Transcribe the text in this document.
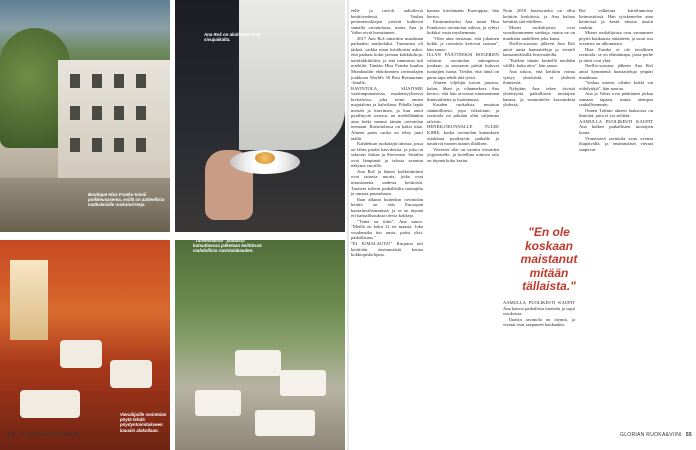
Boutique Hisa Franko toimii poikkeusasema, esillä on aatteellisia matkalaisille ruokaturisteja.
Ana Roš on aloittanut aivot sivupaikalta.
Vierailijoille ravintolan pöytä tehdä pöydyntoimitukseen kausiin alakollaan.
"Tulvanvaaran" paluusta kutsuttaessa jatketaan keittiössä mahdollista ravintolakauden.

eelle ja ravioli aaltoilevat keittiövedessä. Vauhat perinneruokiajen ystävät kulkevat samalla ravintolassa, mutta Ana ja Valter eivät huvuttaneet.

2017 Ana Roš nimettiin maailman parhaaksi naiskokiksi. Tunnustus oli tärkeä, vaikka moni kriitikoista uskoi, että parhaat kokit jaetaan kokkikiltoja, naiskokkikiltiin, ja että tunnustus tuli miehiltä. Tänään Hisa Franko kuuluu Mondiaaliin ehdottomien ravintolajen joukkoon World's 50 Best Restaurants -listalle.

RAVINTOLA SIJAITSEE vaaleanpunaisessa, maalaistyylisessä kivitalossa, joka toimi ennen majatalona ja kahvilana. Pihalla lepää metsää ja kasvimaa, ja kun autot pysähtyvät sivussa, on mielelläänkin aina hetki mennä tämän ravintolan teemaan. Ravintolassa on kaksi tilaa. Alueen paras ruoka on tehty juuri täällä.

Kahdeksan ruokalajin tiinissa, jossa on lähes puolet kasviksista, ja joka on sekoitus Italiaa ja Sloveniaa. Sisätilat ovat lämpimät ja talosta avautuu näkymä vuorille.

Ana Roš ja hänen kokkitiiminsä ovat taitavia nuoria, jotka ovat innostuneita uudesta keittiöstä. Tuotteet tulevat paikallisilta tuottajilta ja omasta puutarhasta.

Ihan alkuun kuitenkin ravintolan keittiö on eräs Euroopan kansainvälisimmistä, ja se on täynnä eri kansallisuuksia olevia kokkeja.

"Tämä on tiimi", Ana sanoo. "Meillä on kokit 21 eri maasta. Joka vuodenaika tuo uusia, paitsi yksi: paikallisuus."

"EI JUMALAUTA!" Kurjaton tuli keittiöön ensimmäistä kertaa kokkiopiskelijana.

kansaa kiertämään Eurooppaa, hän kertoo.

Ensimmäiseksi Ana toimi Hisa Frankossa ravintolan salissa, ja ryhtyi kokiksi vasta myöhemmin.

"Olen aina toistanut, että jokainen kokki ja ravintola kertovat tarinan", hän sanoo.

ILLAN PÄÄTTEEKSI ROGERISN valtavat ravintolan salongeissa juodaan, ja seuraavat päivät kuluvat tuottajien luona. Tiedän, että tämä on paras tapa tehdä tätä työtä.

Alueen viljelijät tuovat juuston, kalan, lihan ja vihannekset. Ana kertoo, että hän arvostaa nimenomaan ihmissuhteita ja luottamusta.

Kauden ruokalista muuttuu säännöllisesti, jopa viikoittain, ja ravintola on pitkään ollut suljettuna talvisin.

HENKILÖKUNNALLE TULEE KIIRE, koska ravintolan kattauksen asiakkaat pysähtyvät paikalle ja nauttivat monen tunnin illallisen.

Viereiset tilat on varattu vieraiden yöpymiselle, ja hotellina toimiva talo on täynnä koko kesän.

Noin 2018 kasvisruoka on ollut keittiön keskiössä, ja Ana haluaa kehittää sitä edelleen.

Monet ruokalijoista ovat vuosikymmenen vanhoja, mutta ne on muokattu uudelleen joka kausi.

Netflix-suosion jälkeen Ana Roš antoi uusia haastatteluja ja vieraili kansainvälisillä festivaaleilla.

"Kaiken tämän keskellä unohdin välillä, kuka olen", hän sanoo.

Ana uskoo, että keittiön voima syntyy yhteisöstä, ei yhdestä ihmisestä.

Nykyään Ana tekee tiivistä yhteistyötä paikallisten tuottajien kanssa, ja suunnittelee kasvatuksia yhdessä.

"En ole koskaan maistanut mitään tällaista."

AAMULLA PUOLIKESTI KAUPIT Ana katsoo paikallisia tuotteita ja sopii ostoksista.

Iltaisin ravintola on täynnä, ja vieraat ovat saapuneet kaukaakin.

Boi valkeitua kärtölinnoista lietimistöissä. Hän työskentelee aina keittiössä ja kerää ideoita uusiin ruokiin.

Monet ruokalijoista ovat varaanneet pöytiä kuukausia etukäteen, ja suuri osa vieraista on ulkomaisia.

Hisa Franko ei ole tavallinen ravintola: se on elämäntapa, jossa perhe ja tiimi ovat yhtä.

Netflix-suosion jälkeen Ana Roš antoi kymmeniä haastatteluja ympäri maailmaa.

"Joskus mietin, olenko kokki vai viihdyttäjä", hän nauraa.

Ana ja Valter ovat päättäneet jatkaa samaan tapaan, mutta aiempaa rauhallisemmin.

Onnen Tolmin alueen laaksossa on ilmiöitä, joita ei voi selittää.

AAMULLA PUOLIKESTI KAUPIT Ana kulkee paikallisten tuottajien luona.

Viimeisenä ravintola avaa ovensa iltapäivällä, ja ensimmäiset vieraat saapuvat.

54 GLORIAN RUOKA&VIINI	GLORIAN RUOKA&VIINI 55
